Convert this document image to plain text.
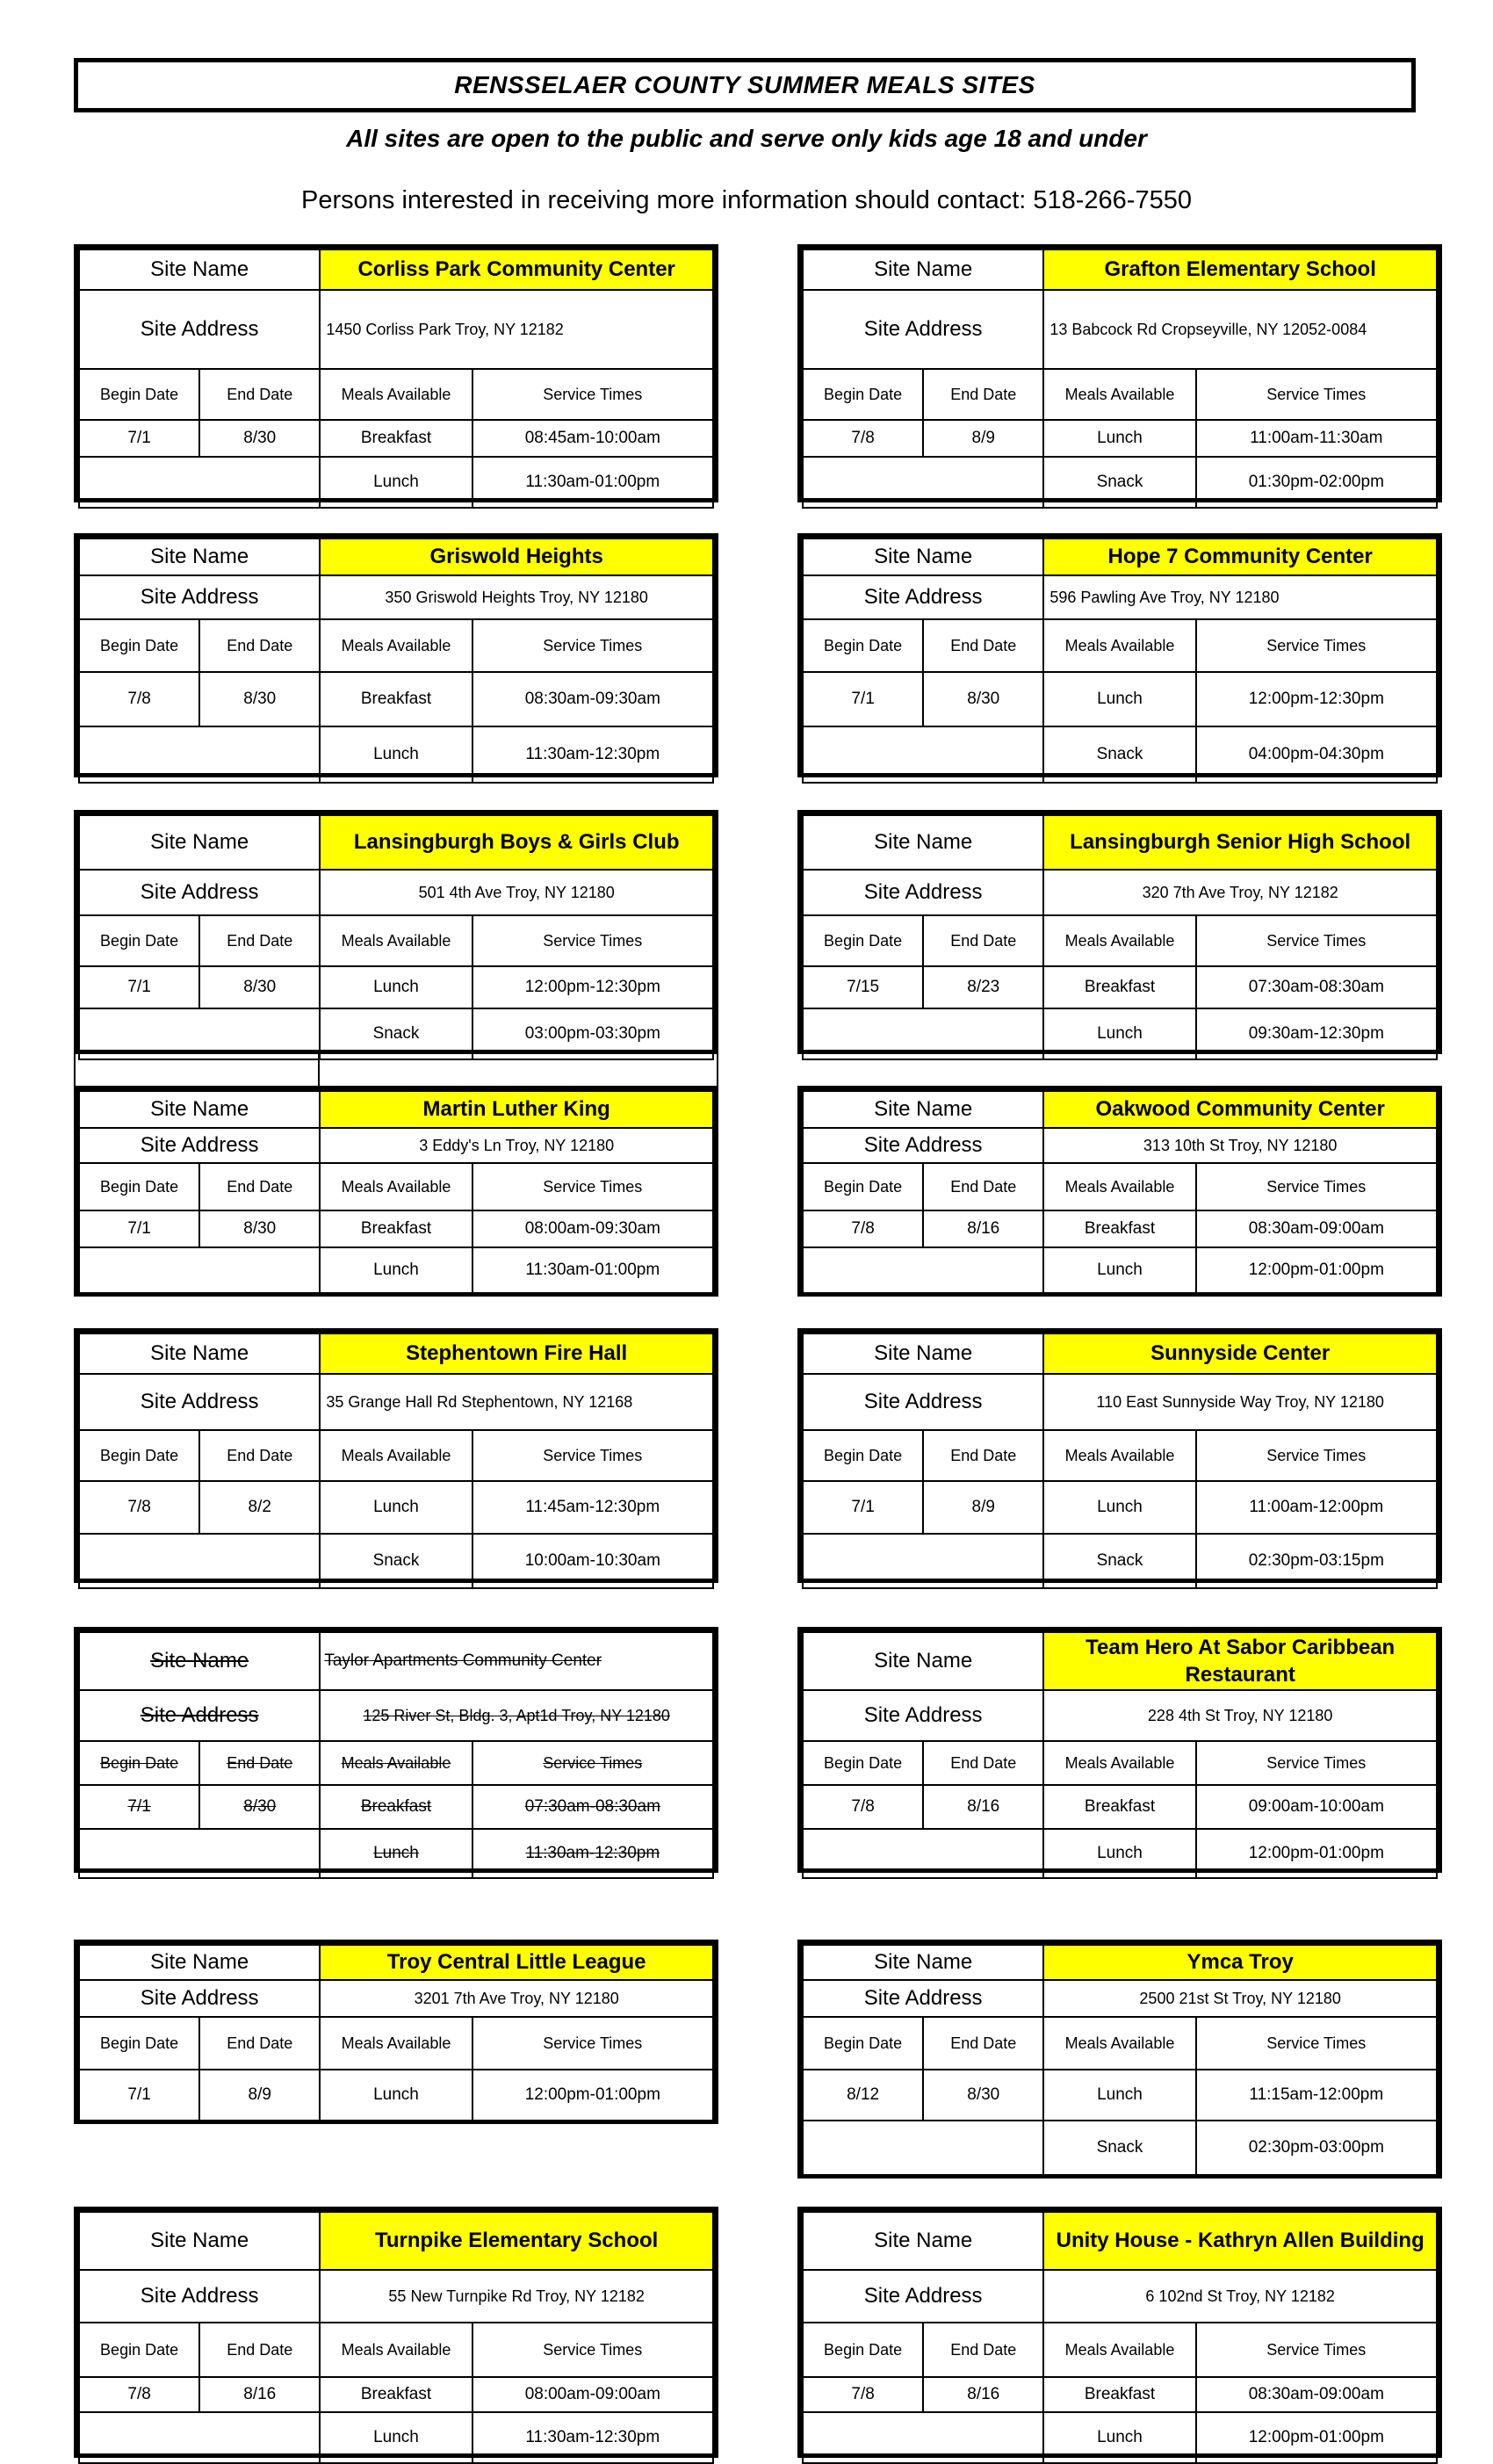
RENSSELAER COUNTY SUMMER MEALS SITES
All sites are open to the public and serve only kids age 18 and under
Persons interested in receiving more information should contact: 518-266-7550
Site Name		Corliss Park Community Center	
Site Address		1450 Corliss Park Troy, NY 12182	
Begin Date	End Date	Meals Available	Service Times
7/1	8/30	Breakfast	08:45am-10:00am
		Lunch	11:30am-01:00pm
Site Name		Grafton Elementary School	
Site Address		13 Babcock Rd Cropseyville, NY 12052-0084	
Begin Date	End Date	Meals Available	Service Times
7/8	8/9	Lunch	11:00am-11:30am
		Snack	01:30pm-02:00pm
Site Name		Griswold Heights	
Site Address		350 Griswold Heights Troy, NY 12180	
Begin Date	End Date	Meals Available	Service Times
7/8	8/30	Breakfast	08:30am-09:30am
		Lunch	11:30am-12:30pm
Site Name		Hope 7 Community Center	
Site Address		596 Pawling Ave Troy, NY 12180	
Begin Date	End Date	Meals Available	Service Times
7/1	8/30	Lunch	12:00pm-12:30pm
		Snack	04:00pm-04:30pm
Site Name		Lansingburgh Boys & Girls Club	
Site Address		501 4th Ave Troy, NY 12180	
Begin Date	End Date	Meals Available	Service Times
7/1	8/30	Lunch	12:00pm-12:30pm
		Snack	03:00pm-03:30pm
Site Name		Lansingburgh Senior High School	
Site Address		320 7th Ave Troy, NY 12182	
Begin Date	End Date	Meals Available	Service Times
7/15	8/23	Breakfast	07:30am-08:30am
		Lunch	09:30am-12:30pm
Site Name		Martin Luther King	
Site Address		3 Eddy's Ln Troy, NY 12180	
Begin Date	End Date	Meals Available	Service Times
7/1	8/30	Breakfast	08:00am-09:30am
		Lunch	11:30am-01:00pm
Site Name		Oakwood Community Center	
Site Address		313 10th St Troy, NY 12180	
Begin Date	End Date	Meals Available	Service Times
7/8	8/16	Breakfast	08:30am-09:00am
		Lunch	12:00pm-01:00pm
Site Name		Stephentown Fire Hall	
Site Address		35 Grange Hall Rd Stephentown, NY 12168	
Begin Date	End Date	Meals Available	Service Times
7/8	8/2	Lunch	11:45am-12:30pm
		Snack	10:00am-10:30am
Site Name		Sunnyside Center	
Site Address		110 East Sunnyside Way Troy, NY 12180	
Begin Date	End Date	Meals Available	Service Times
7/1	8/9	Lunch	11:00am-12:00pm
		Snack	02:30pm-03:15pm
Site Name		Taylor Apartments Community Center	
Site Address		125 River St, Bldg. 3, Apt1d Troy, NY 12180	
Begin Date	End Date	Meals Available	Service Times
7/1	8/30	Breakfast	07:30am-08:30am
		Lunch	11:30am-12:30pm
Site Name		Team Hero At Sabor Caribbean Restaurant	
Site Address		228 4th St Troy, NY 12180	
Begin Date	End Date	Meals Available	Service Times
7/8	8/16	Breakfast	09:00am-10:00am
		Lunch	12:00pm-01:00pm
Site Name		Troy Central Little League	
Site Address		3201 7th Ave Troy, NY 12180	
Begin Date	End Date	Meals Available	Service Times
7/1	8/9	Lunch	12:00pm-01:00pm
Site Name		Ymca Troy	
Site Address		2500 21st St Troy, NY 12180	
Begin Date	End Date	Meals Available	Service Times
8/12	8/30	Lunch	11:15am-12:00pm
		Snack	02:30pm-03:00pm
Site Name		Turnpike Elementary School	
Site Address		55 New Turnpike Rd Troy, NY 12182	
Begin Date	End Date	Meals Available	Service Times
7/8	8/16	Breakfast	08:00am-09:00am
		Lunch	11:30am-12:30pm
Site Name		Unity House - Kathryn Allen Building	
Site Address		6 102nd St Troy, NY 12182	
Begin Date	End Date	Meals Available	Service Times
7/8	8/16	Breakfast	08:30am-09:00am
		Lunch	12:00pm-01:00pm
